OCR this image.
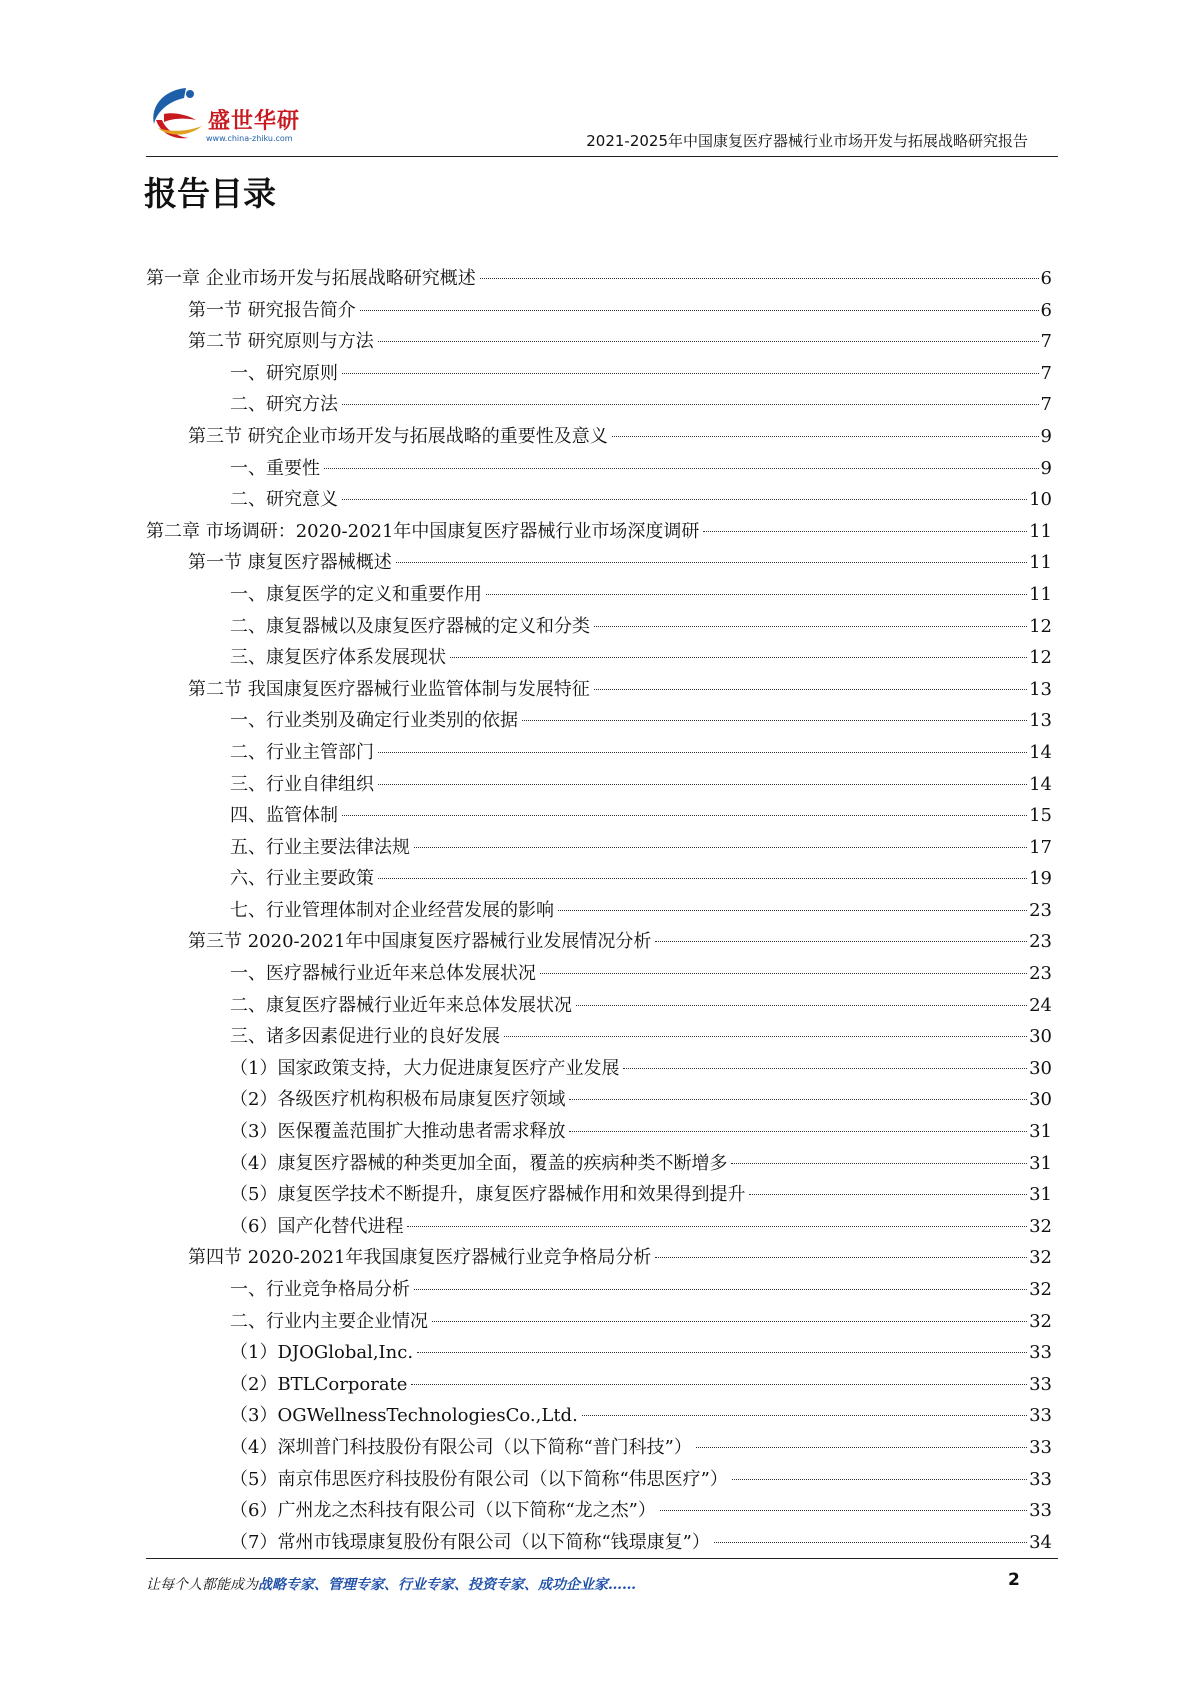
盛世华研
www.china-zhiku.com	2021-2025年中国康复医疗器械行业市场开发与拓展战略研究报告
报告目录
第一章 企业市场开发与拓展战略研究概述	6
第一节 研究报告简介	6
第二节 研究原则与方法	7
一、研究原则	7
二、研究方法	7
第三节 研究企业市场开发与拓展战略的重要性及意义	9
一、重要性	9
二、研究意义	10
第二章 市场调研：2020-2021年中国康复医疗器械行业市场深度调研	11
第一节 康复医疗器械概述	11
一、康复医学的定义和重要作用	11
二、康复器械以及康复医疗器械的定义和分类	12
三、康复医疗体系发展现状	12
第二节 我国康复医疗器械行业监管体制与发展特征	13
一、行业类别及确定行业类别的依据	13
二、行业主管部门	14
三、行业自律组织	14
四、监管体制	15
五、行业主要法律法规	17
六、行业主要政策	19
七、行业管理体制对企业经营发展的影响	23
第三节 2020-2021年中国康复医疗器械行业发展情况分析	23
一、医疗器械行业近年来总体发展状况	23
二、康复医疗器械行业近年来总体发展状况	24
三、诸多因素促进行业的良好发展	30
（1）国家政策支持，大力促进康复医疗产业发展	30
（2）各级医疗机构积极布局康复医疗领域	30
（3）医保覆盖范围扩大推动患者需求释放	31
（4）康复医疗器械的种类更加全面，覆盖的疾病种类不断增多	31
（5）康复医学技术不断提升，康复医疗器械作用和效果得到提升	31
（6）国产化替代进程	32
第四节 2020-2021年我国康复医疗器械行业竞争格局分析	32
一、行业竞争格局分析	32
二、行业内主要企业情况	32
（1）DJOGlobal,Inc.	33
（2）BTLCorporate	33
（3）OGWellnessTechnologiesCo.,Ltd.	33
（4）深圳普门科技股份有限公司（以下简称“普门科技”）	33
（5）南京伟思医疗科技股份有限公司（以下简称“伟思医疗”）	33
（6）广州龙之杰科技有限公司（以下简称“龙之杰”）	33
（7）常州市钱璟康复股份有限公司（以下简称“钱璟康复”）	34
让每个人都能成为战略专家、管理专家、行业专家、投资专家、成功企业家……	2
